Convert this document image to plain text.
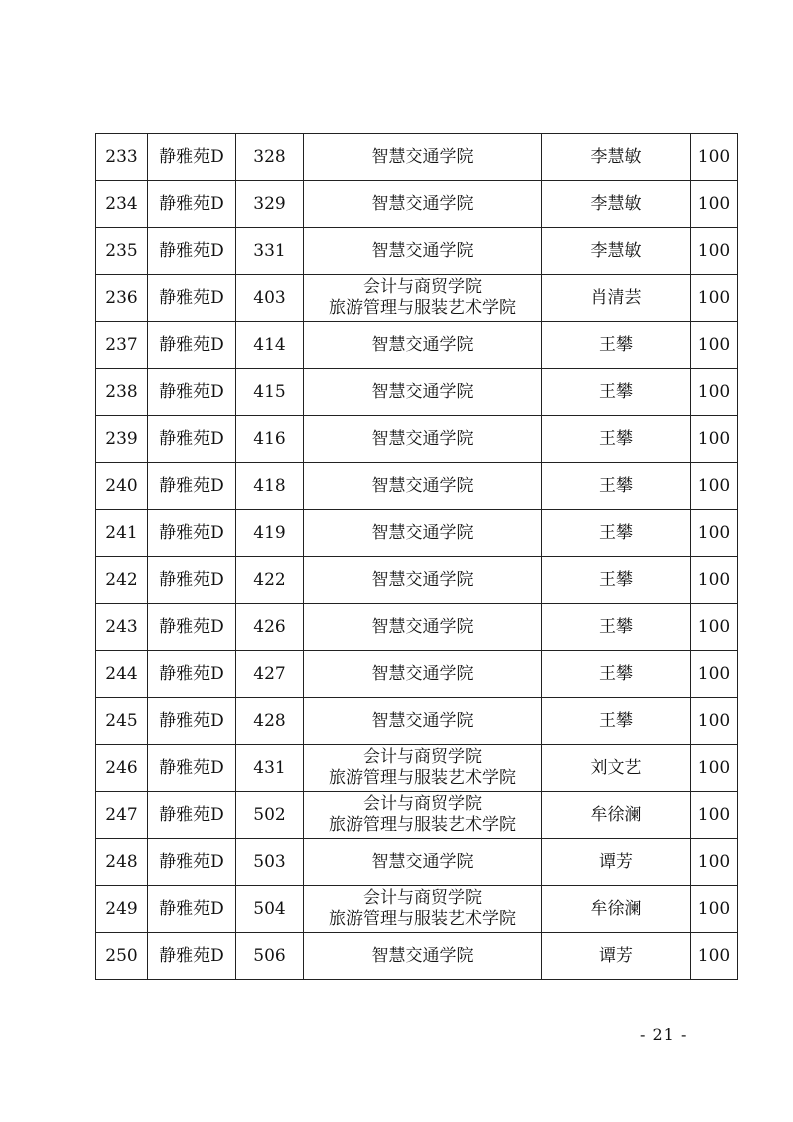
233	静雅苑D	328	智慧交通学院	李慧敏	100
234	静雅苑D	329	智慧交通学院	李慧敏	100
235	静雅苑D	331	智慧交通学院	李慧敏	100
236	静雅苑D	403	会计与商贸学院
旅游管理与服装艺术学院	肖清芸	100
237	静雅苑D	414	智慧交通学院	王攀	100
238	静雅苑D	415	智慧交通学院	王攀	100
239	静雅苑D	416	智慧交通学院	王攀	100
240	静雅苑D	418	智慧交通学院	王攀	100
241	静雅苑D	419	智慧交通学院	王攀	100
242	静雅苑D	422	智慧交通学院	王攀	100
243	静雅苑D	426	智慧交通学院	王攀	100
244	静雅苑D	427	智慧交通学院	王攀	100
245	静雅苑D	428	智慧交通学院	王攀	100
246	静雅苑D	431	会计与商贸学院
旅游管理与服装艺术学院	刘文艺	100
247	静雅苑D	502	会计与商贸学院
旅游管理与服装艺术学院	牟徐澜	100
248	静雅苑D	503	智慧交通学院	谭芳	100
249	静雅苑D	504	会计与商贸学院
旅游管理与服装艺术学院	牟徐澜	100
250	静雅苑D	506	智慧交通学院	谭芳	100
- 21 -
